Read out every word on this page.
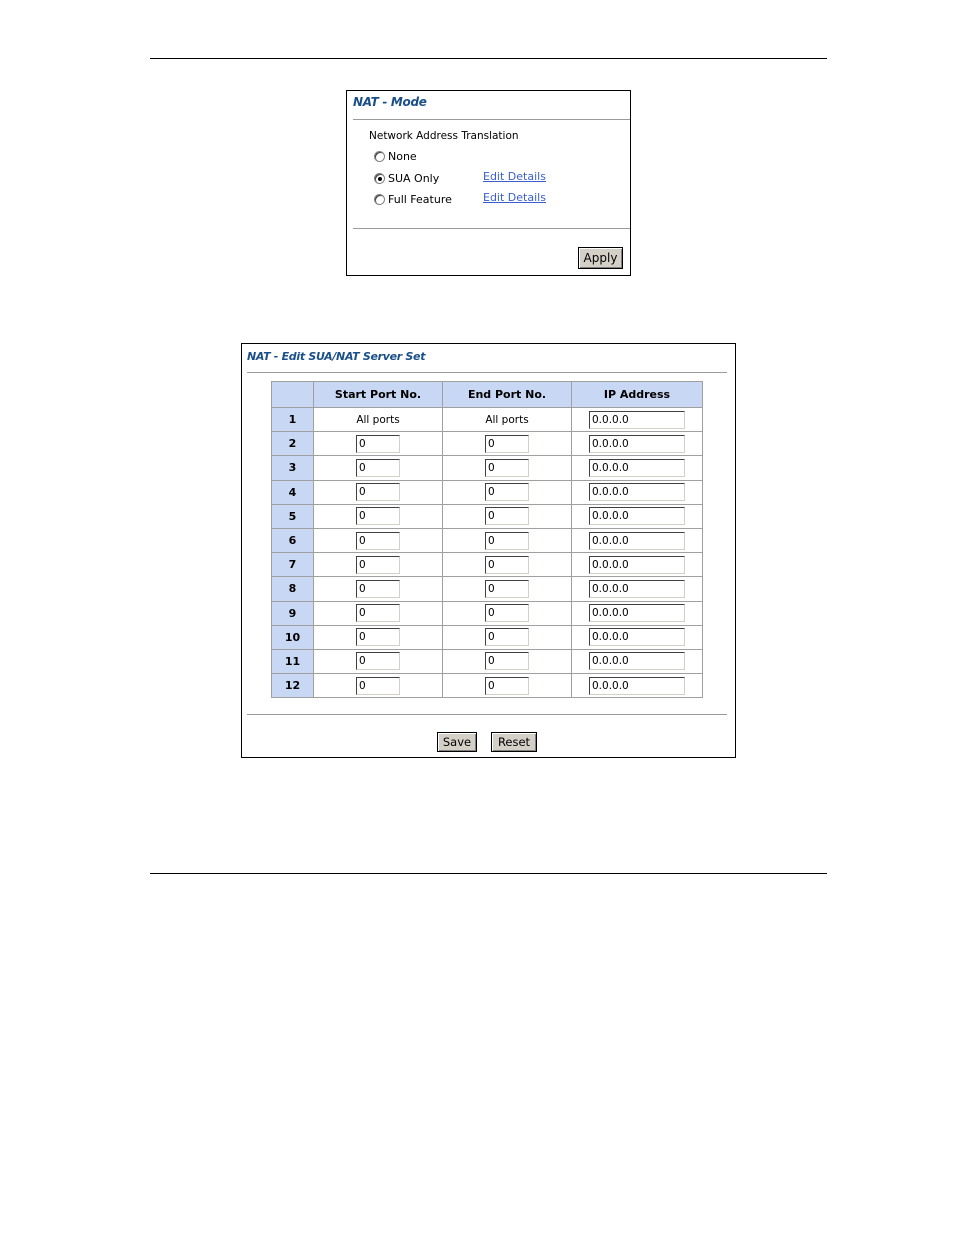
NAT - Mode
Network Address Translation
None
SUA Only	Edit Details
Full Feature	Edit Details
Apply
NAT - Edit SUA/NAT Server Set
	Start Port No.	End Port No.	IP Address
1	All ports	All ports	0.0.0.0
2	0	0	0.0.0.0
3	0	0	0.0.0.0
4	0	0	0.0.0.0
5	0	0	0.0.0.0
6	0	0	0.0.0.0
7	0	0	0.0.0.0
8	0	0	0.0.0.0
9	0	0	0.0.0.0
10	0	0	0.0.0.0
11	0	0	0.0.0.0
12	0	0	0.0.0.0
Save	Reset
